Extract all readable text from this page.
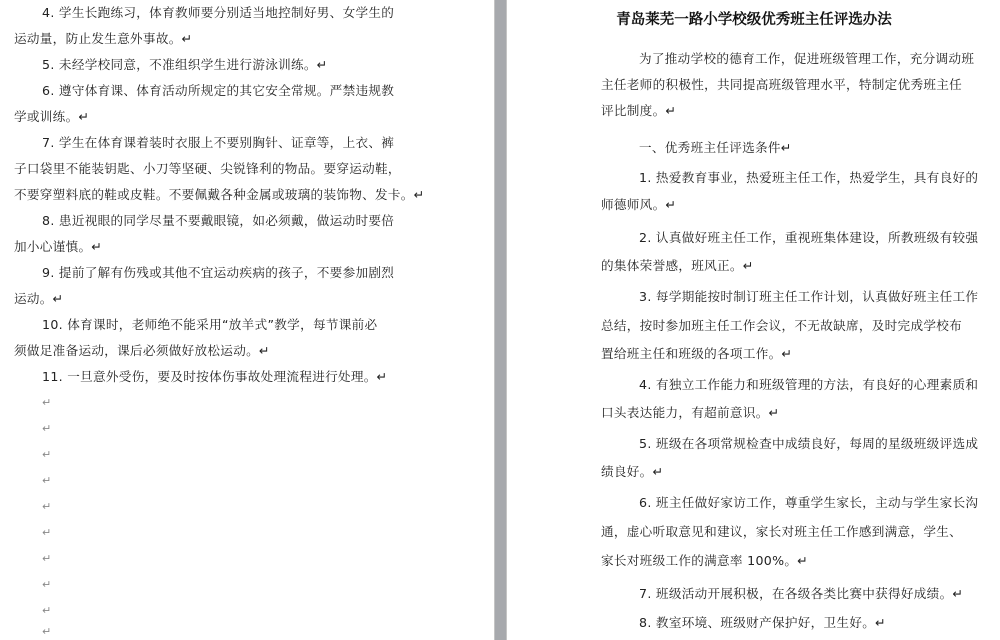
4. 学生长跑练习，体育教师要分别适当地控制好男、女学生的
运动量，防止发生意外事故。↵
5. 未经学校同意，不准组织学生进行游泳训练。↵
6. 遵守体育课、体育活动所规定的其它安全常规。严禁违规教
学或训练。↵
7. 学生在体育课着装时衣服上不要别胸针、证章等，上衣、裤
子口袋里不能装钥匙、小刀等坚硬、尖锐锋利的物品。要穿运动鞋，
不要穿塑料底的鞋或皮鞋。不要佩戴各种金属或玻璃的装饰物、发卡。↵
8. 患近视眼的同学尽量不要戴眼镜，如必须戴，做运动时要倍
加小心谨慎。↵
9. 提前了解有伤残或其他不宜运动疾病的孩子，不要参加剧烈
运动。↵
10. 体育课时，老师绝不能采用“放羊式”教学，每节课前必
须做足准备运动，课后必须做好放松运动。↵
11. 一旦意外受伤，要及时按体伤事故处理流程进行处理。↵
↵
↵
↵
↵
↵
↵
↵
↵
↵
↵
青岛莱芜一路小学校级优秀班主任评选办法
为了推动学校的德育工作，促进班级管理工作，充分调动班
主任老师的积极性，共同提高班级管理水平，特制定优秀班主任
评比制度。↵
一、优秀班主任评选条件↵
1. 热爱教育事业，热爱班主任工作，热爱学生，具有良好的
师德师风。↵
2. 认真做好班主任工作，重视班集体建设，所教班级有较强
的集体荣誉感，班风正。↵
3. 每学期能按时制订班主任工作计划，认真做好班主任工作
总结，按时参加班主任工作会议，不无故缺席，及时完成学校布
置给班主任和班级的各项工作。↵
4. 有独立工作能力和班级管理的方法，有良好的心理素质和
口头表达能力，有超前意识。↵
5. 班级在各项常规检查中成绩良好，每周的星级班级评选成
绩良好。↵
6. 班主任做好家访工作，尊重学生家长，主动与学生家长沟
通，虚心听取意见和建议，家长对班主任工作感到满意，学生、
家长对班级工作的满意率 100%。↵
7. 班级活动开展积极，在各级各类比赛中获得好成绩。↵
8. 教室环境、班级财产保护好，卫生好。↵
